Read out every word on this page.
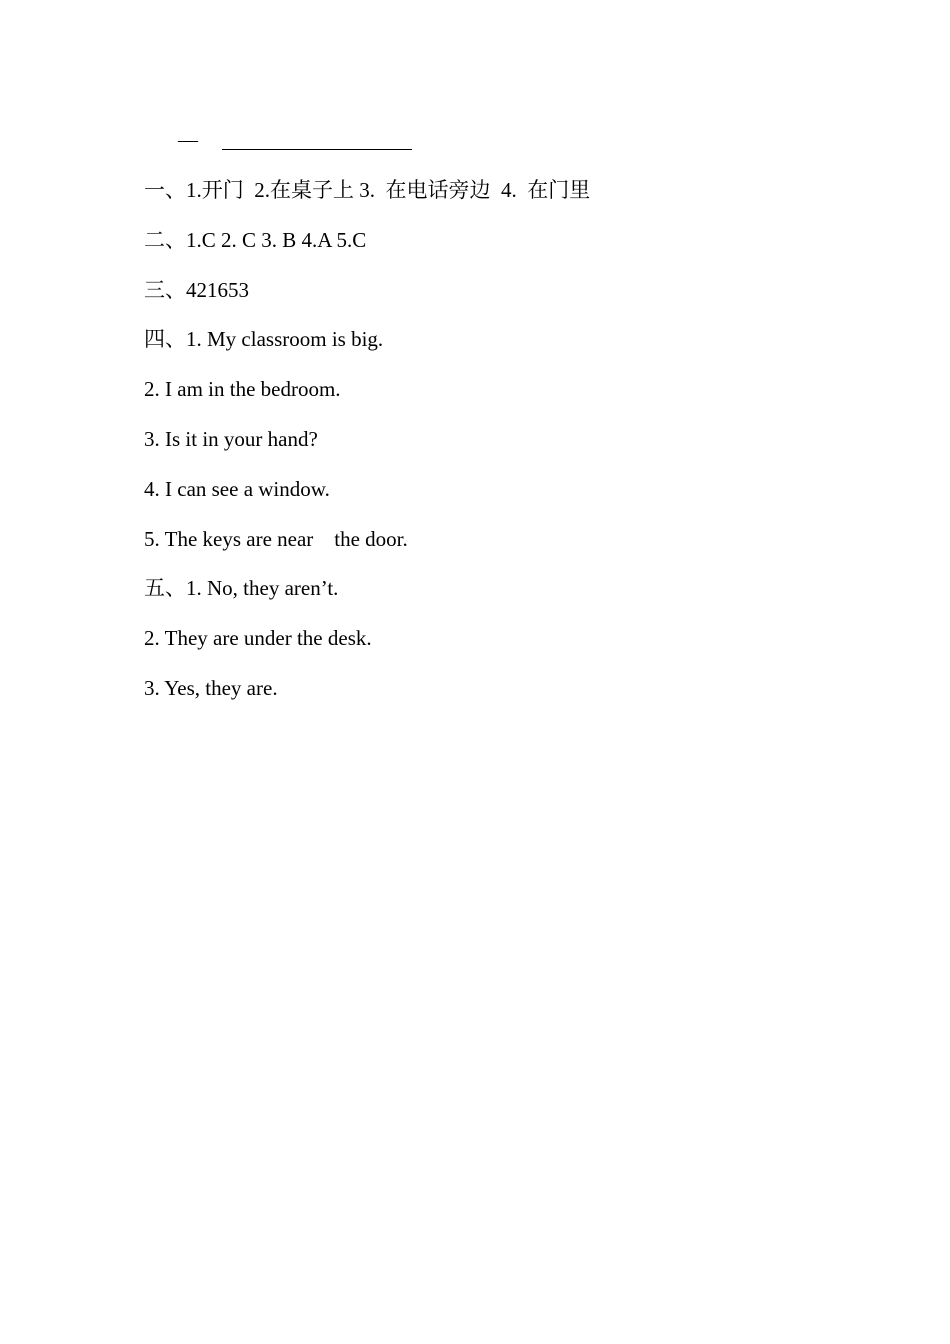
—
一、1.开门  2.在桌子上 3.  在电话旁边  4.  在门里
二、1.C 2. C 3. B 4.A 5.C
三、421653
四、1. My classroom is big.
2. I am in the bedroom.
3. Is it in your hand?
4. I can see a window.
5. The keys are near    the door.
五、1. No, they aren’t.
2. They are under the desk.
3. Yes, they are.
